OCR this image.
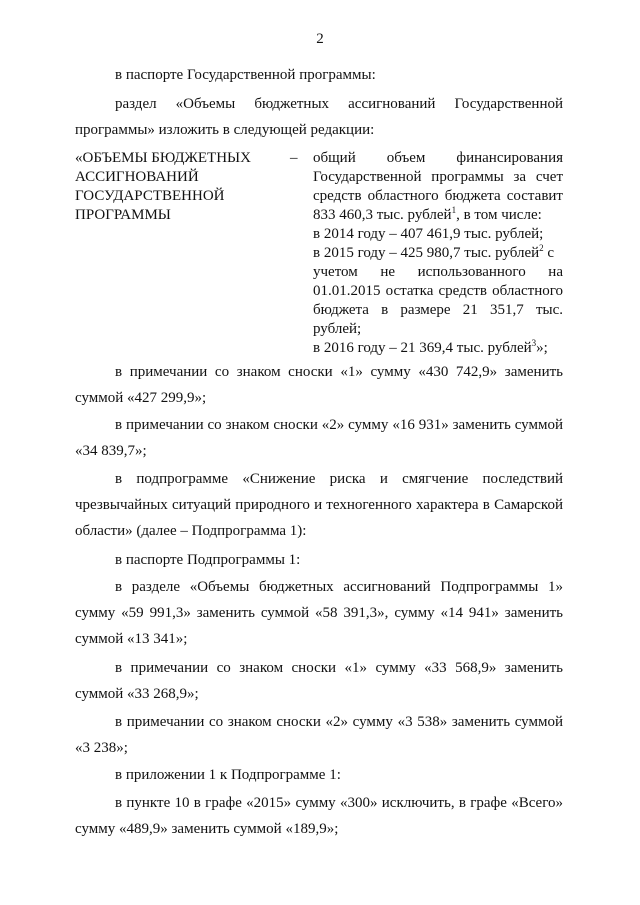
2

в паспорте Государственной программы:

раздел «Объемы бюджетных ассигнований Государственной программы» изложить в следующей редакции:

«ОБЪЕМЫ БЮДЖЕТНЫХ
АССИГНОВАНИЙ
ГОСУДАРСТВЕННОЙ
ПРОГРАММЫ
– общий объем финансирования
Государственной программы за счет
средств областного бюджета составит
833 460,3 тыс. рублей$^1$, в том числе:
в 2014 году – 407 461,9 тыс. рублей;
в 2015 году – 425 980,7 тыс. рублей$^2$ с
учетом не использованного на
01.01.2015 остатка средств областного
бюджета в размере 21 351,7 тыс.
рублей;
в 2016 году – 21 369,4 тыс. рублей$^3$»;

в примечании со знаком сноски «1» сумму «430 742,9» заменить суммой «427 299,9»;

в примечании со знаком сноски «2» сумму «16 931» заменить суммой «34 839,7»;

в подпрограмме «Снижение риска и смягчение последствий чрезвычайных ситуаций природного и техногенного характера в Самарской области» (далее – Подпрограмма 1):

в паспорте Подпрограммы 1:

в разделе «Объемы бюджетных ассигнований Подпрограммы 1» сумму «59 991,3» заменить суммой «58 391,3», сумму «14 941» заменить суммой «13 341»;

в примечании со знаком сноски «1» сумму «33 568,9» заменить суммой «33 268,9»;

в примечании со знаком сноски «2» сумму «3 538» заменить суммой «3 238»;

в приложении 1 к Подпрограмме 1:

в пункте 10 в графе «2015» сумму «300» исключить, в графе «Всего» сумму «489,9» заменить суммой «189,9»;
